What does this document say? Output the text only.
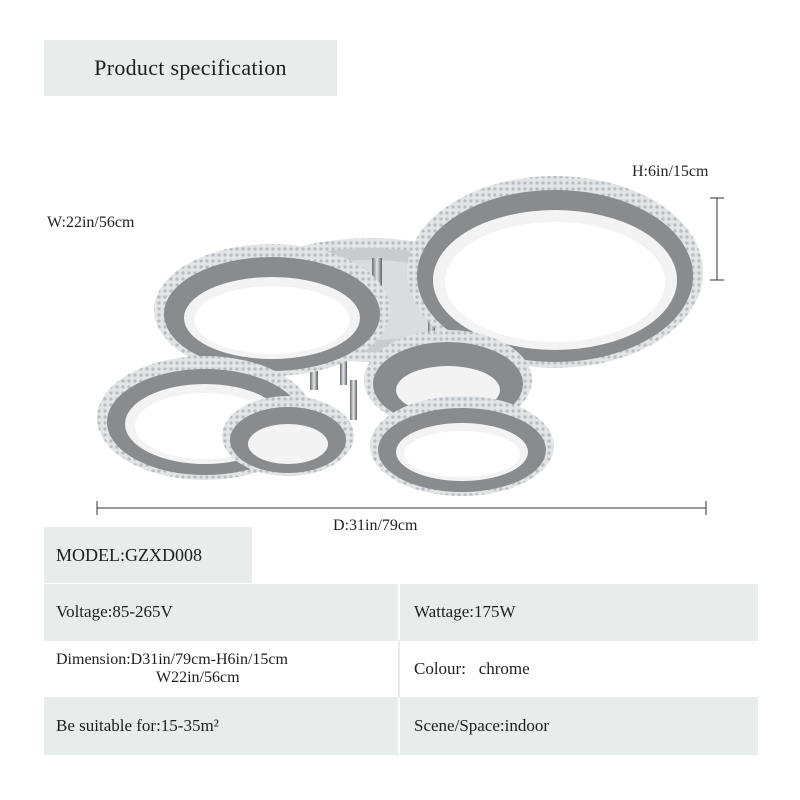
Product specification
W:22in/56cm
H:6in/15cm
D:31in/79cm
MODEL:GZXD008
Voltage:85-265V	Wattage:175W
Dimension:D31in/79cm-H6in/15cm
W22in/56cm	Colour:   chrome
Be suitable for:15-35m²	Scene/Space:indoor
